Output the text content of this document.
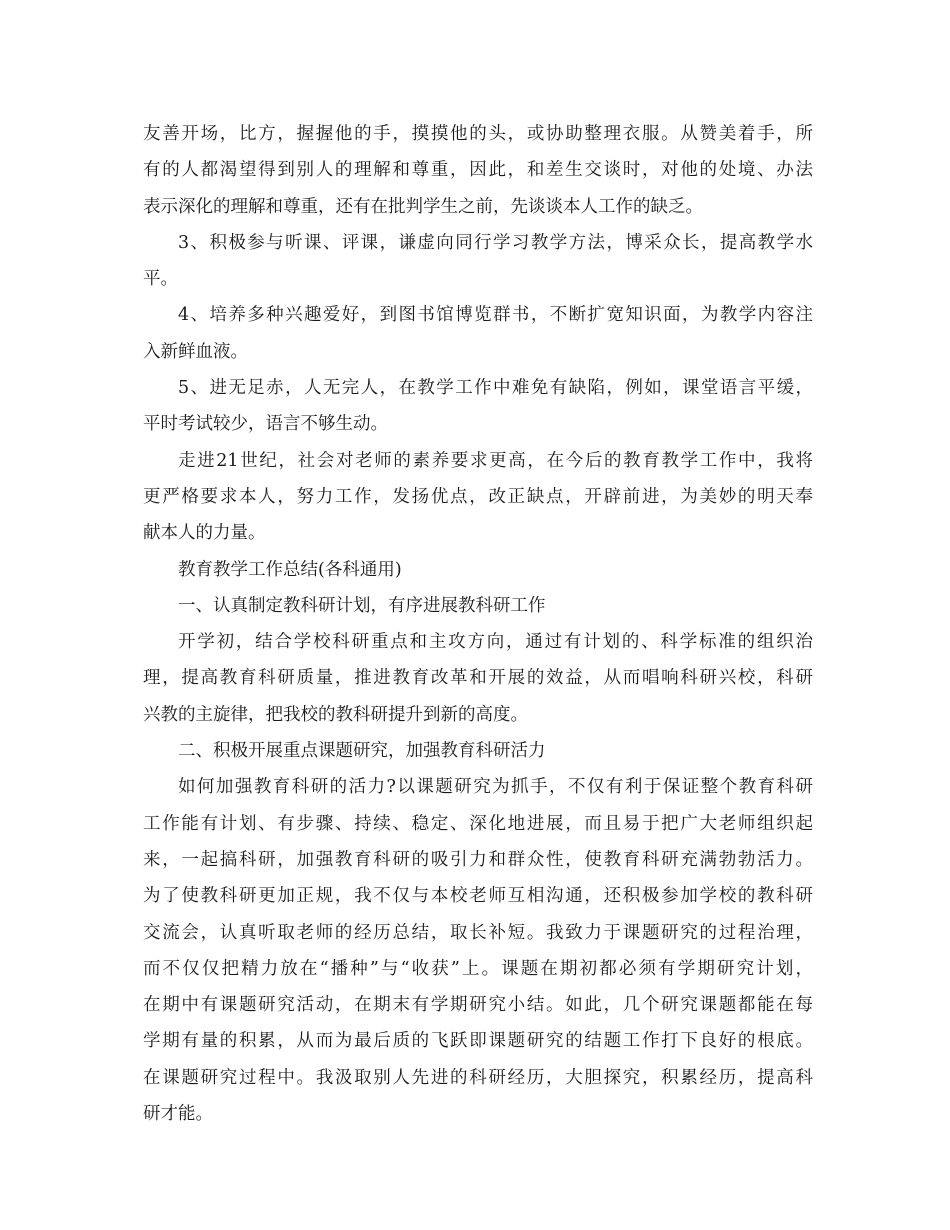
友善开场，比方，握握他的手，摸摸他的头，或协助整理衣服。从赞美着手，所
有的人都渴望得到别人的理解和尊重，因此，和差生交谈时，对他的处境、办法
表示深化的理解和尊重，还有在批判学生之前，先谈谈本人工作的缺乏。
3、积极参与听课、评课，谦虚向同行学习教学方法，博采众长，提高教学水
平。
4、培养多种兴趣爱好，到图书馆博览群书，不断扩宽知识面，为教学内容注
入新鲜血液。
5、进无足赤，人无完人，在教学工作中难免有缺陷，例如，课堂语言平缓，
平时考试较少，语言不够生动。
走进21世纪，社会对老师的素养要求更高，在今后的教育教学工作中，我将
更严格要求本人，努力工作，发扬优点，改正缺点，开辟前进，为美妙的明天奉
献本人的力量。
教育教学工作总结(各科通用)
一、认真制定教科研计划，有序进展教科研工作
开学初，结合学校科研重点和主攻方向，通过有计划的、科学标准的组织治
理，提高教育科研质量，推进教育改革和开展的效益，从而唱响科研兴校，科研
兴教的主旋律，把我校的教科研提升到新的高度。
二、积极开展重点课题研究，加强教育科研活力
如何加强教育科研的活力?以课题研究为抓手，不仅有利于保证整个教育科研
工作能有计划、有步骤、持续、稳定、深化地进展，而且易于把广大老师组织起
来，一起搞科研，加强教育科研的吸引力和群众性，使教育科研充满勃勃活力。
为了使教科研更加正规，我不仅与本校老师互相沟通，还积极参加学校的教科研
交流会，认真听取老师的经历总结，取长补短。我致力于课题研究的过程治理，
而不仅仅把精力放在“播种”与“收获”上。课题在期初都必须有学期研究计划，
在期中有课题研究活动，在期末有学期研究小结。如此，几个研究课题都能在每
学期有量的积累，从而为最后质的飞跃即课题研究的结题工作打下良好的根底。
在课题研究过程中。我汲取别人先进的科研经历，大胆探究，积累经历，提高科
研才能。
